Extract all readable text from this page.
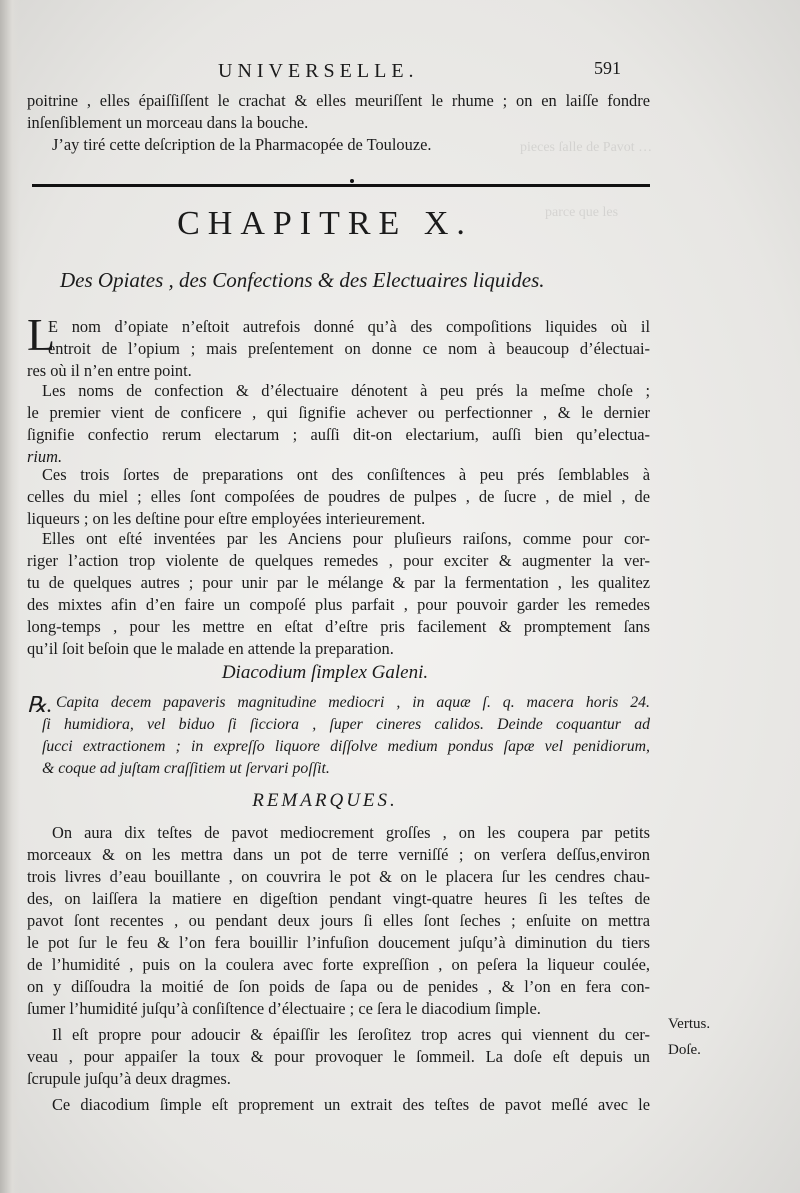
pieces ſalle de Pavot …
parce que les
UNIVERSELLE.	591
poitrine , elles épaiſſiſſent le crachat & elles meuriſſent le rhume ; on en laiſſe fondre
inſenſiblement un morceau dans la bouche.
J’ay tiré cette deſcription de la Pharmacopée de Toulouze.
CHAPITRE X.
Des Opiates , des Confections & des Electuaires liquides.
L
E nom d’opiate n’eſtoit autrefois donné qu’à des compoſitions liquides où il
entroit de l’opium ; mais preſentement on donne ce nom à beaucoup d’électuai-
res où il n’en entre point.
Les noms de confection & d’électuaire dénotent à peu prés la meſme choſe ;
le premier vient de conficere , qui ſignifie achever ou perfectionner , & le dernier
ſignifie confectio rerum electarum ; auſſi dit-on electarium, auſſi bien qu’electua-
rium.
Ces trois ſortes de preparations ont des conſiſtences à peu prés ſemblables à
celles du miel ; elles ſont compoſées de poudres de pulpes , de ſucre , de miel , de
liqueurs ; on les deſtine pour eſtre employées interieurement.
Elles ont eſté inventées par les Anciens pour pluſieurs raiſons, comme pour cor-
riger l’action trop violente de quelques remedes , pour exciter & augmenter la ver-
tu de quelques autres ; pour unir par le mélange & par la fermentation , les qualitez
des mixtes afin d’en faire un compoſé plus parfait , pour pouvoir garder les remedes
long-temps , pour les mettre en eſtat d’eſtre pris facilement & promptement ſans
qu’il ſoit beſoin que le malade en attende la preparation.
Diacodium ſimplex Galeni.
℞. Capita decem papaveris magnitudine mediocri , in aquæ ſ. q. macera horis 24.
ſi humidiora, vel biduo ſi ſicciora , ſuper cineres calidos. Deinde coquantur ad
ſucci extractionem ; in expreſſo liquore diſſolve medium pondus ſapæ vel penidiorum,
& coque ad juſtam craſſitiem ut ſervari poſſit.
REMARQUES.
On aura dix teſtes de pavot mediocrement groſſes , on les coupera par petits
morceaux & on les mettra dans un pot de terre verniſſé ; on verſera deſſus,environ
trois livres d’eau bouillante , on couvrira le pot & on le placera ſur les cendres chau-
des, on laiſſera la matiere en digeſtion pendant vingt-quatre heures ſi les teſtes de
pavot ſont recentes , ou pendant deux jours ſi elles ſont ſeches ; enſuite on mettra
le pot ſur le feu & l’on fera bouillir l’infuſion doucement juſqu’à diminution du tiers
de l’humidité , puis on la coulera avec forte expreſſion , on peſera la liqueur coulée,
on y diſſoudra la moitié de ſon poids de ſapa ou de penides , & l’on en fera con-
ſumer l’humidité juſqu’à conſiſtence d’électuaire ; ce ſera le diacodium ſimple.
Il eſt propre pour adoucir & épaiſſir les ſeroſitez trop acres qui viennent du cer-
veau , pour appaiſer la toux & pour provoquer le ſommeil. La doſe eſt depuis un
ſcrupule juſqu’à deux dragmes.
Ce diacodium ſimple eſt proprement un extrait des teſtes de pavot meſlé avec le
Vertus.
Doſe.
